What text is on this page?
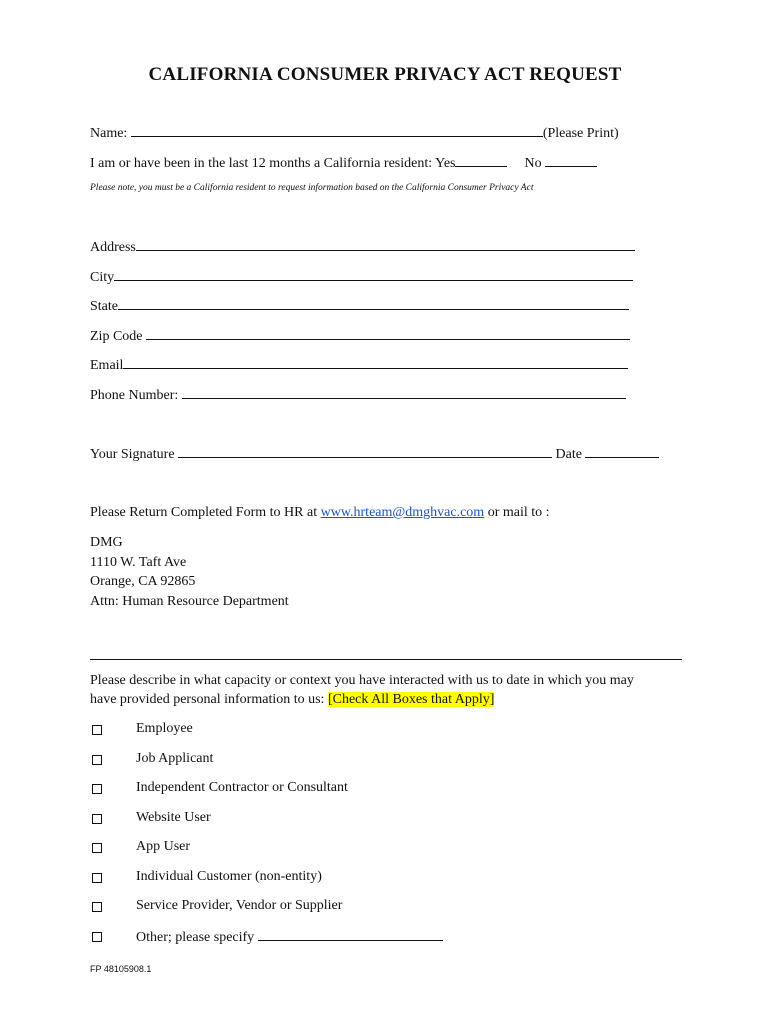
CALIFORNIA CONSUMER PRIVACY ACT REQUEST
Name:	(Please Print)
I am or have been in the last 12 months a California resident: Yes	No
Please note, you must be a California resident to request information based on the California Consumer Privacy Act
Address
City
State
Zip Code
Email
Phone Number:
Your Signature	Date
Please Return Completed Form to HR at www.hrteam@dmghvac.com or mail to :
DMG
1110 W. Taft Ave
Orange, CA 92865
Attn: Human Resource Department
Please describe in what capacity or context you have interacted with us to date in which you may
have provided personal information to us: [Check All Boxes that Apply]
Employee
Job Applicant
Independent Contractor or Consultant
Website User
App User
Individual Customer (non-entity)
Service Provider, Vendor or Supplier
Other; please specify
FP 48105908.1
